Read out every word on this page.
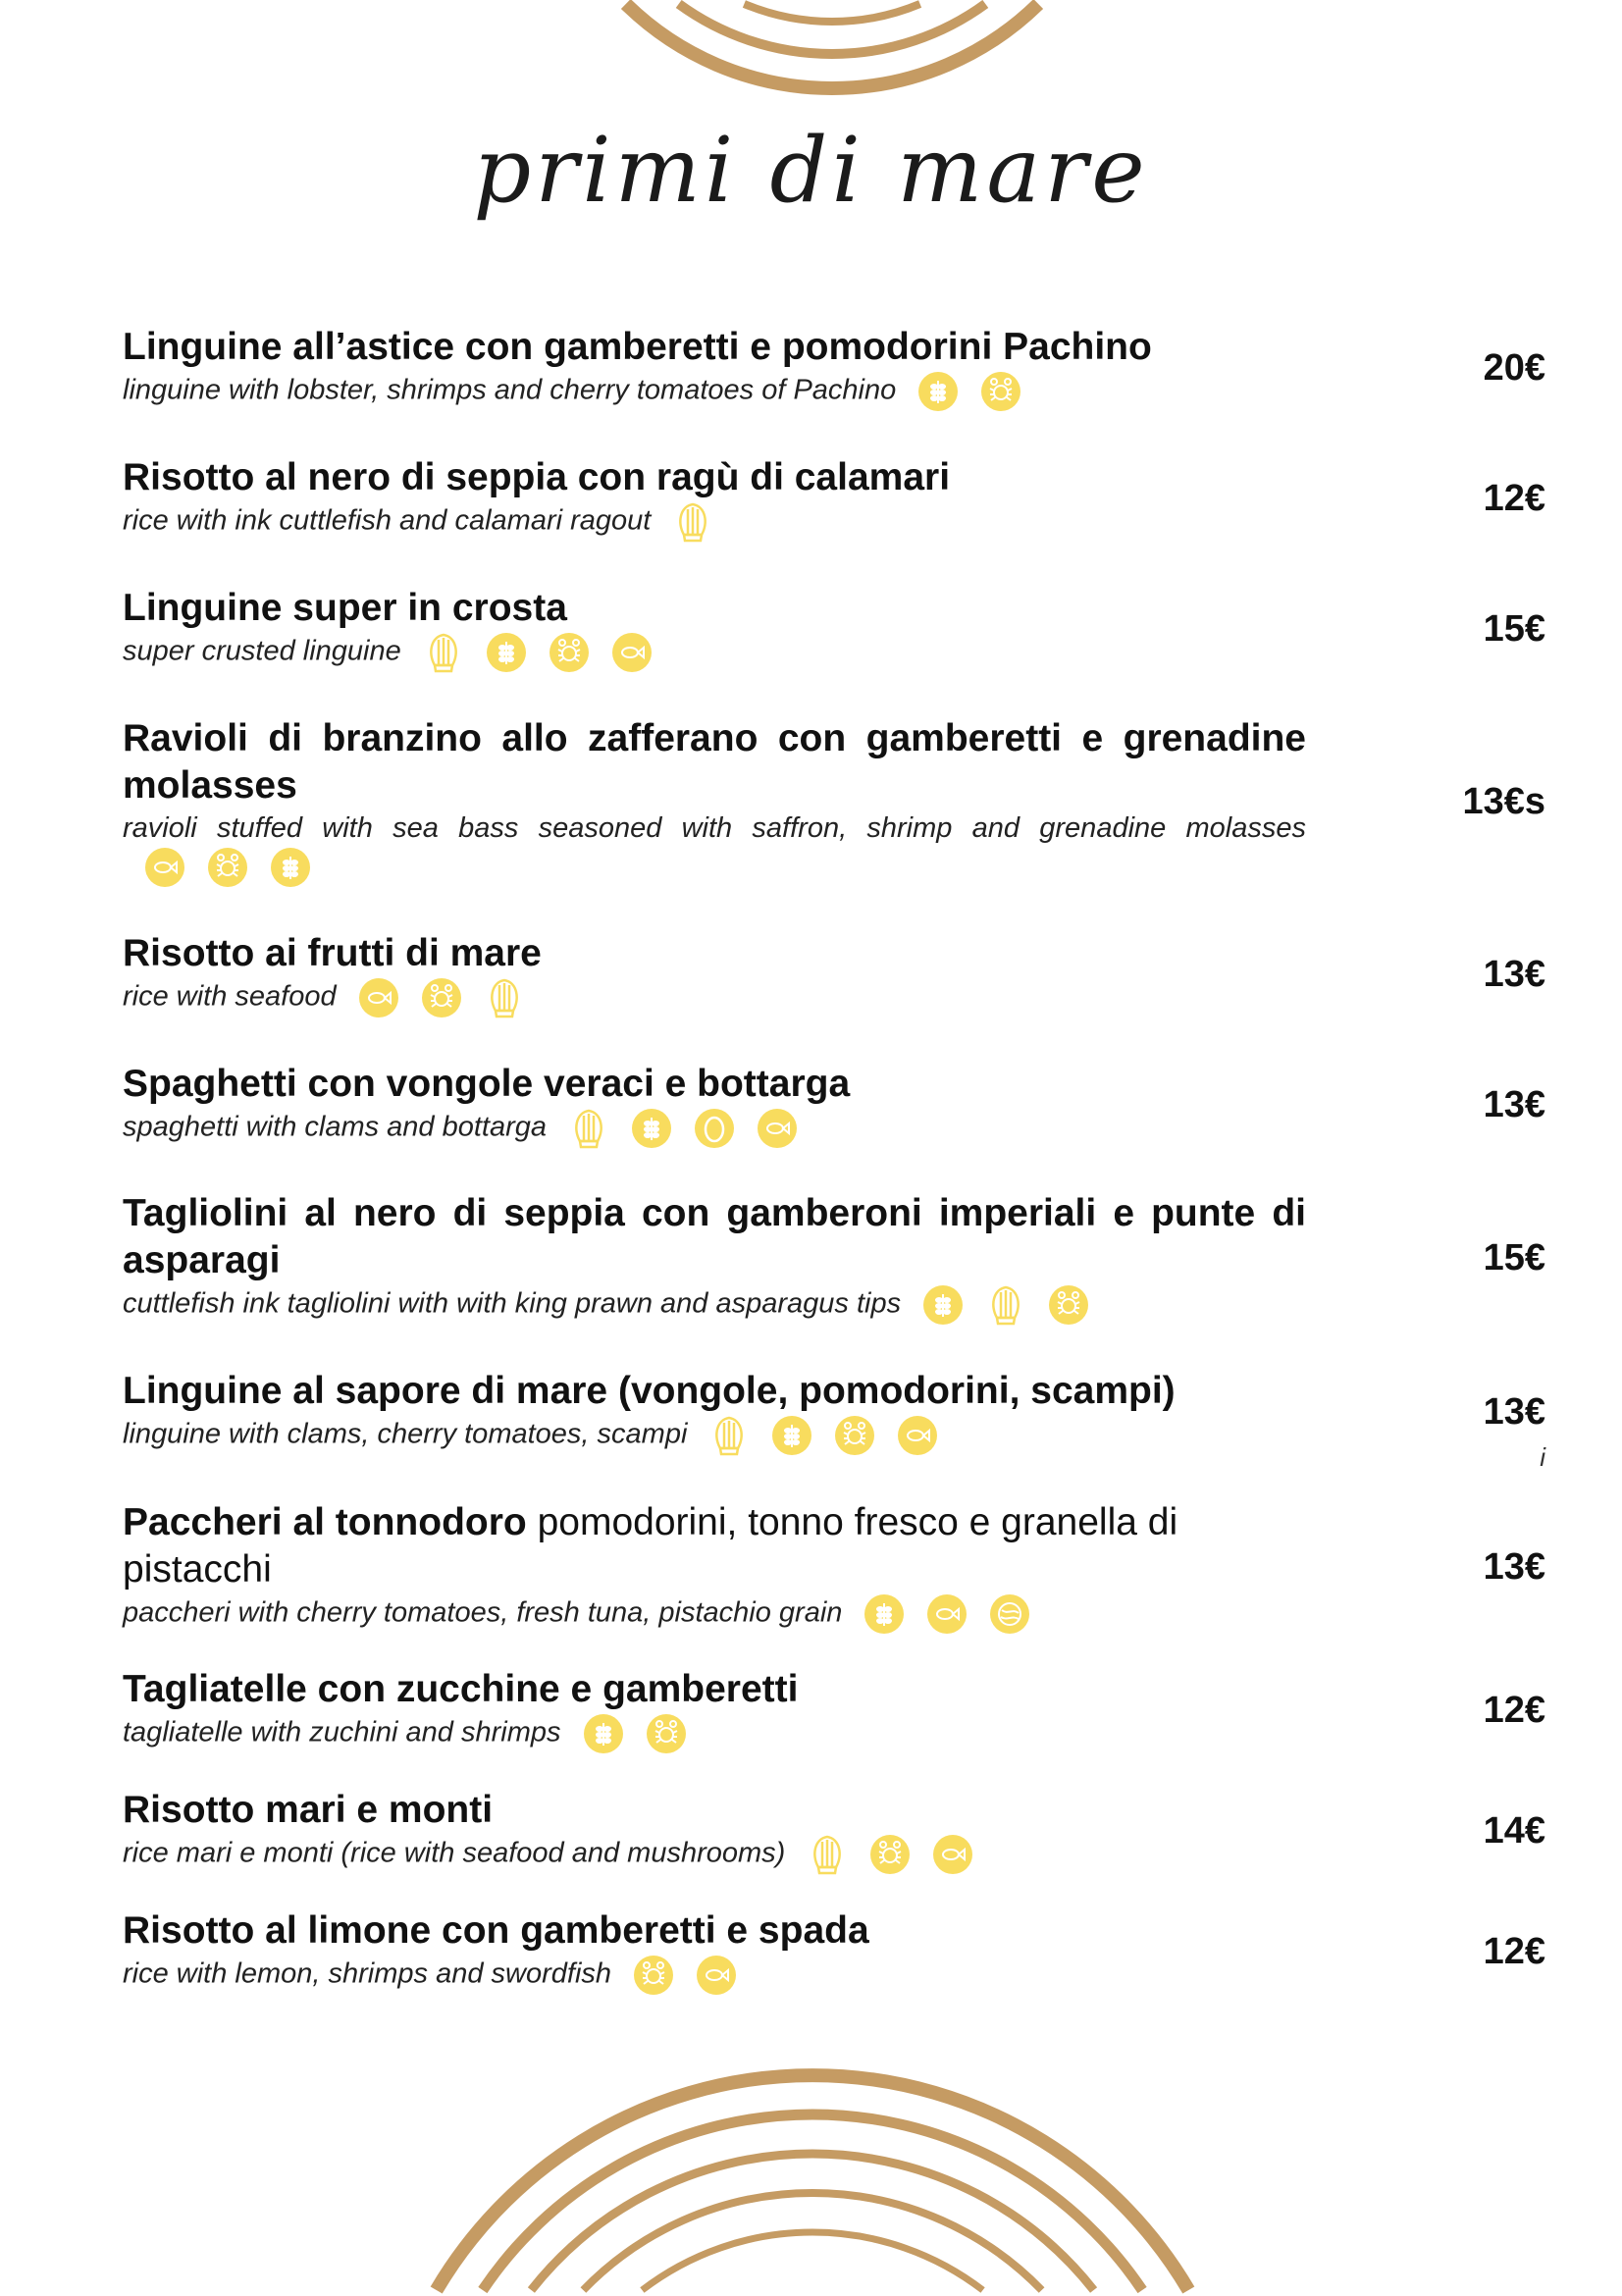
primi di mare
Linguine all’astice con gamberetti e pomodorini Pachino
linguine with lobster, shrimps and cherry tomatoes of Pachino
20€
Risotto al nero di seppia con ragù di calamari
rice with ink cuttlefish and calamari ragout
12€
Linguine super in crosta
super crusted linguine
15€
Ravioli di branzino allo zafferano con gamberetti e grenadine molasses
ravioli stuffed with sea bass seasoned with saffron, shrimp and grenadine molasses
13€s
Risotto ai frutti di mare
rice with seafood
13€
Spaghetti con vongole veraci e bottarga
spaghetti with clams and bottarga
13€
Tagliolini al nero di seppia con gamberoni imperiali e punte di asparagi
cuttlefish ink tagliolini with with king prawn and asparagus tips
15€
Linguine al sapore di mare (vongole, pomodorini, scampi)
linguine with clams, cherry tomatoes, scampi
13€
i
Paccheri al tonnodoro pomodorini, tonno fresco e granella di pistacchi
paccheri with cherry tomatoes, fresh tuna, pistachio grain
13€
Tagliatelle con zucchine e gamberetti
tagliatelle with zuchini and shrimps
12€
Risotto mari e monti
rice mari e monti (rice with seafood and mushrooms)
14€
Risotto al limone con gamberetti e spada
rice with lemon, shrimps and swordfish
12€
